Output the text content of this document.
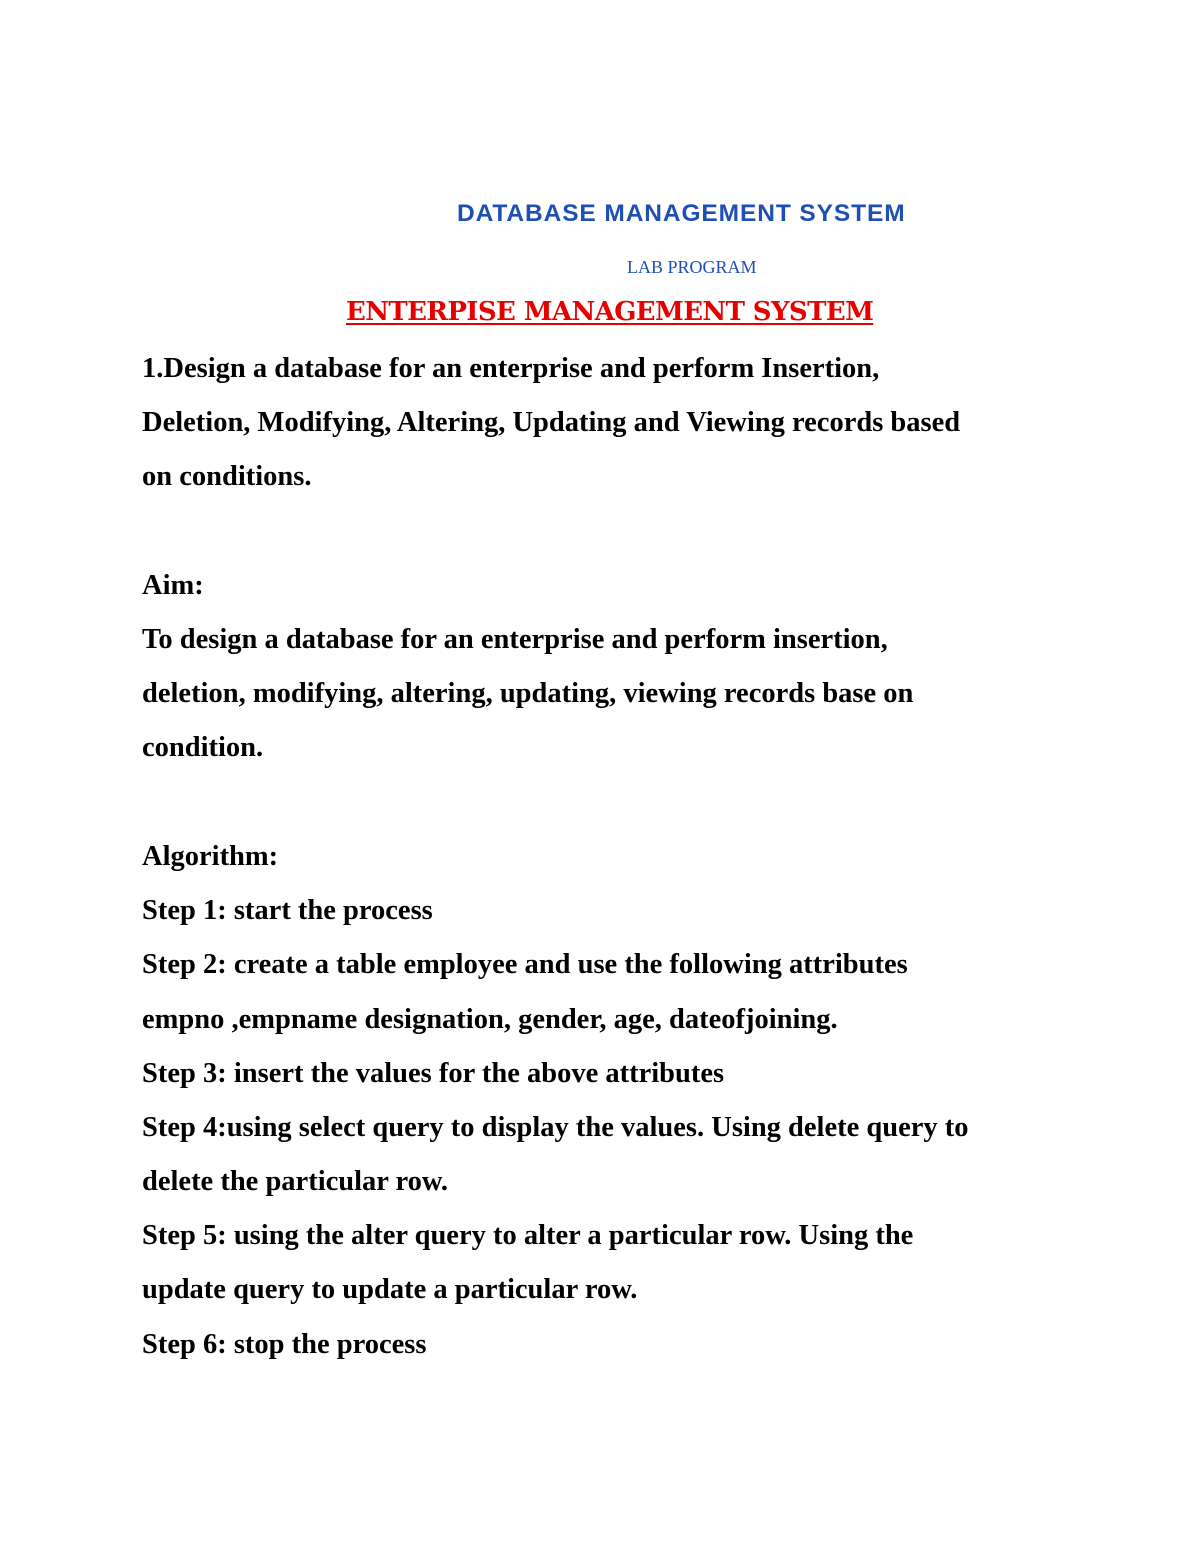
DATABASE MANAGEMENT SYSTEM
LAB PROGRAM
ENTERPISE MANAGEMENT SYSTEM
1.Design a database for an enterprise and perform Insertion,
Deletion, Modifying, Altering, Updating and Viewing records based
on conditions.
Aim:
To design a database for an enterprise and perform insertion,
deletion, modifying, altering, updating, viewing records base on
condition.
Algorithm:
Step 1: start the process
Step 2: create a table employee and use the following attributes
empno ,empname designation, gender, age, dateofjoining.
Step 3: insert the values for the above attributes
Step 4:using select query to display the values. Using delete query to
delete the particular row.
Step 5: using the alter query to alter a particular row. Using the
update query to update a particular row.
Step 6: stop the process
